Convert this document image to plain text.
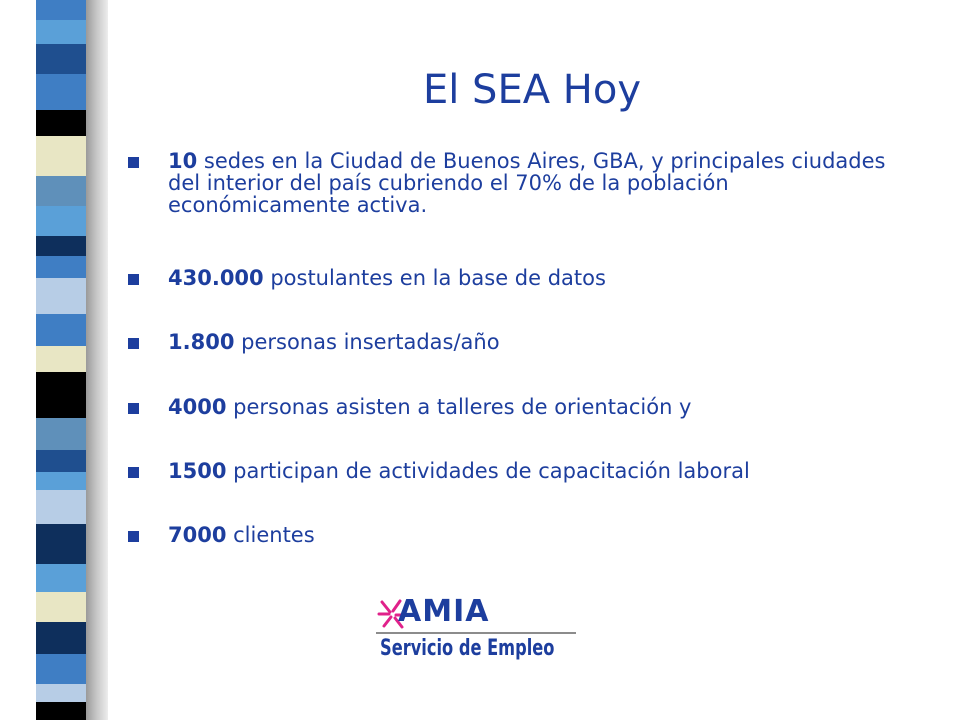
El SEA Hoy
10 sedes en la Ciudad de Buenos Aires, GBA, y principales ciudades del interior del país cubriendo el 70% de la población económicamente activa.
430.000 postulantes en la base de datos
1.800 personas insertadas/año
4000 personas asisten a talleres de orientación y
1500 participan de actividades de capacitación laboral
7000 clientes
AMIA
Servicio de Empleo
